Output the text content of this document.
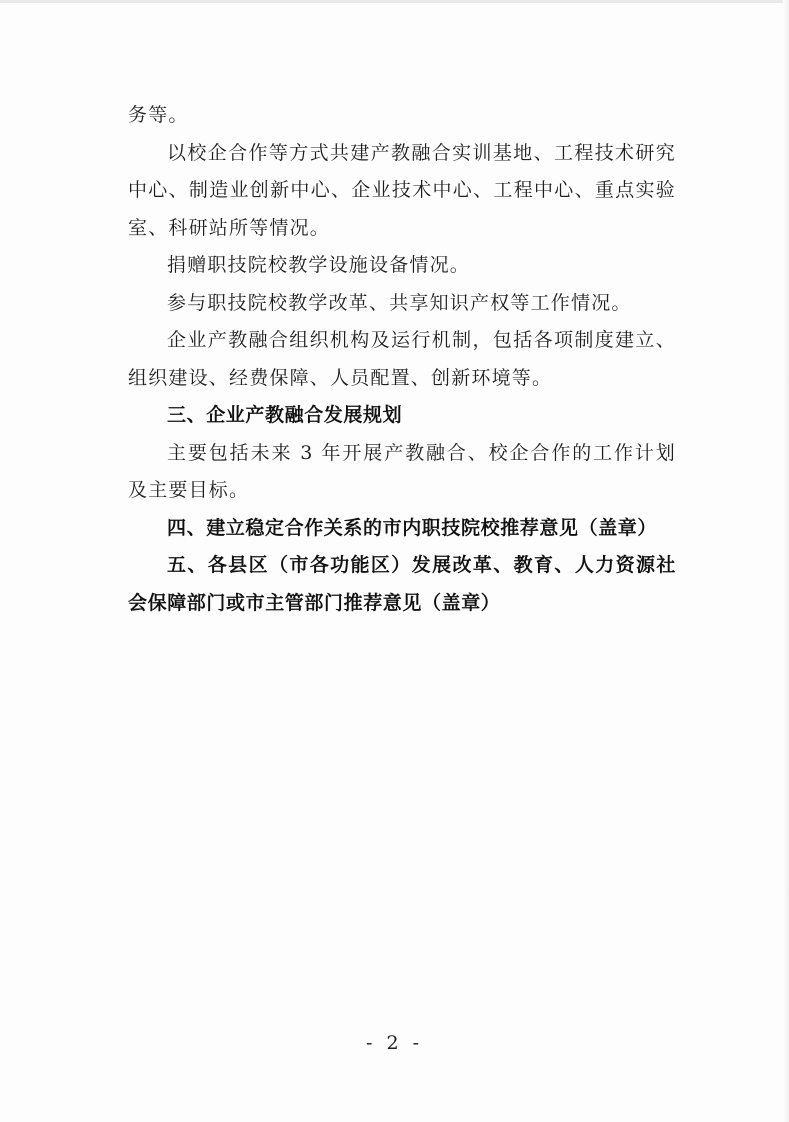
务等。

以校企合作等方式共建产教融合实训基地、工程技术研究中心、制造业创新中心、企业技术中心、工程中心、重点实验室、科研站所等情况。

捐赠职技院校教学设施设备情况。

参与职技院校教学改革、共享知识产权等工作情况。

企业产教融合组织机构及运行机制，包括各项制度建立、组织建设、经费保障、人员配置、创新环境等。

三、企业产教融合发展规划

主要包括未来 3 年开展产教融合、校企合作的工作计划及主要目标。

四、建立稳定合作关系的市内职技院校推荐意见（盖章）

五、各县区（市各功能区）发展改革、教育、人力资源社会保障部门或市主管部门推荐意见（盖章）

- 2 -
